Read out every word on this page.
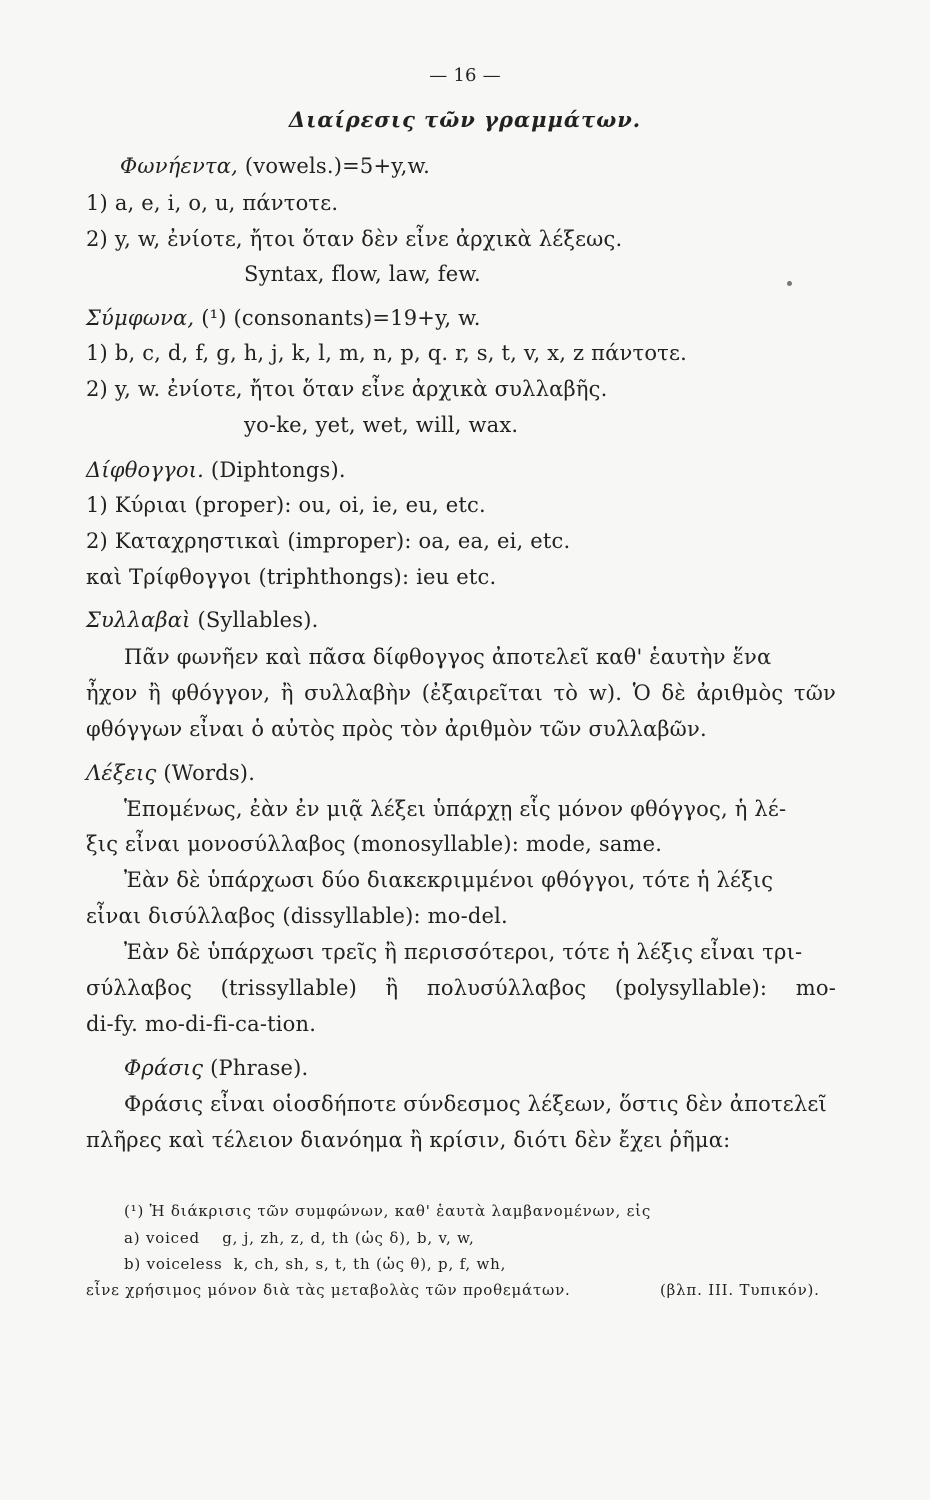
— 16 —
Διαίρεσις τῶν γραμμάτων.
Φωνήεντα, (vowels.)=5+y,w.
1) a, e, i, o, u, πάντοτε.
2) y, w, ἐνίοτε, ἤτοι ὅταν δὲν εἶνε ἀρχικὰ λέξεως.
Syntax, flow, law, few.
Σύμφωνα, (¹) (consonants)=19+y, w.
1) b, c, d, f, g, h, j, k, l, m, n, p, q. r, s, t, v, x, z πάντοτε.
2) y, w. ἐνίοτε, ἤτοι ὅταν εἶνε ἀρχικὰ συλλαβῆς.
yo-ke, yet, wet, will, wax.
Δίφθογγοι. (Diphtongs).
1) Κύριαι (proper): ou, oi, ie, eu, etc.
2) Καταχρηστικαὶ (improper): oa, ea, ei, etc.
καὶ Τρίφθογγοι (triphthongs): ieu etc.
Συλλαβαὶ (Syllables).
Πᾶν φωνῆεν καὶ πᾶσα δίφθογγος ἀποτελεῖ καθ' ἑαυτὴν ἕνα
ἦχον ἢ φθόγγον, ἢ συλλαβὴν (ἐξαιρεῖται τὸ w). Ὁ δὲ ἀριθμὸς τῶν
φθόγγων εἶναι ὁ αὐτὸς πρὸς τὸν ἀριθμὸν τῶν συλλαβῶν.
Λέξεις (Words).
Ἑπομένως, ἐὰν ἐν μιᾷ λέξει ὑπάρχῃ εἷς μόνον φθόγγος, ἡ λέ-
ξις εἶναι μονοσύλλαβος (monosyllable): mode, same.
Ἐὰν δὲ ὑπάρχωσι δύο διακεκριμμένοι φθόγγοι, τότε ἡ λέξις
εἶναι δισύλλαβος (dissyllable): mo-del.
Ἐὰν δὲ ὑπάρχωσι τρεῖς ἢ περισσότεροι, τότε ἡ λέξις εἶναι τρι-
σύλλαβος (trissyllable) ἢ πολυσύλλαβος (polysyllable): mo-
di-fy. mo-di-fi-ca-tion.
Φράσις (Phrase).
Φράσις εἶναι οἱοσδήποτε σύνδεσμος λέξεων, ὅστις δὲν ἀποτελεῖ
πλῆρες καὶ τέλειον διανόημα ἢ κρίσιν, διότι δὲν ἔχει ῥῆμα:
(¹) Ἡ διάκρισις τῶν συμφώνων, καθ' ἑαυτὰ λαμβανομένων, εἰς
a) voiced    g, j, zh, z, d, th (ὡς δ), b, v, w,
b) voiceless  k, ch, sh, s, t, th (ὡς θ), p, f, wh,
εἶνε χρήσιμος μόνον διὰ τὰς μεταβολὰς τῶν προθεμάτων.	(βλπ. III. Τυπικόν).
